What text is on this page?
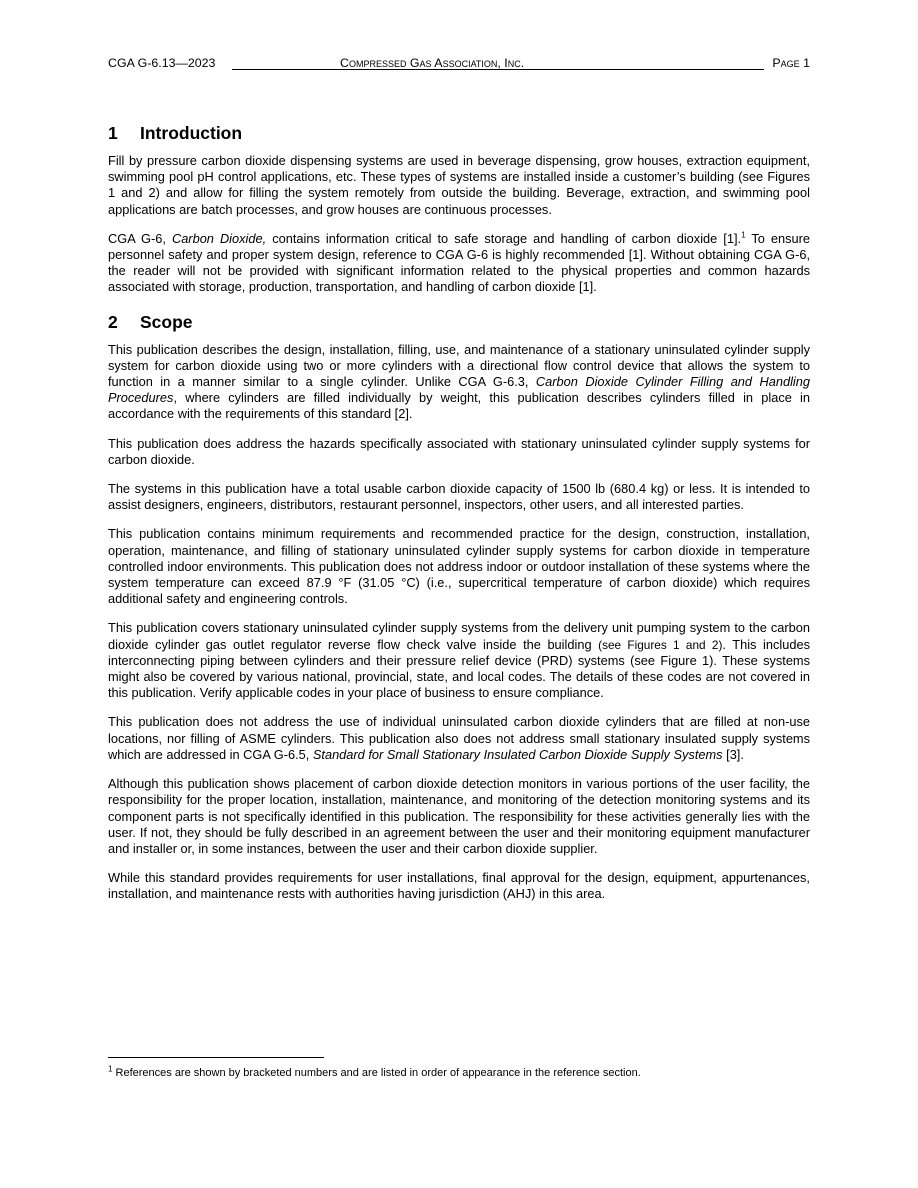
CGA G-6.13—2023	Compressed Gas Association, Inc.	Page 1
1 Introduction

Fill by pressure carbon dioxide dispensing systems are used in beverage dispensing, grow houses, extraction equipment, swimming pool pH control applications, etc. These types of systems are installed inside a customer’s building (see Figures 1 and 2) and allow for filling the system remotely from outside the building. Beverage, extraction, and swimming pool applications are batch processes, and grow houses are continuous processes.

CGA G-6, Carbon Dioxide, contains information critical to safe storage and handling of carbon dioxide [1].$^1$ To ensure personnel safety and proper system design, reference to CGA G-6 is highly recommended [1]. Without obtaining CGA G-6, the reader will not be provided with significant information related to the physical properties and common hazards associated with storage, production, transportation, and handling of carbon dioxide [1].

2 Scope

This publication describes the design, installation, filling, use, and maintenance of a stationary uninsulated cylinder supply system for carbon dioxide using two or more cylinders with a directional flow control device that allows the system to function in a manner similar to a single cylinder. Unlike CGA G-6.3, Carbon Dioxide Cylinder Filling and Handling Procedures, where cylinders are filled individually by weight, this publication describes cylinders filled in place in accordance with the requirements of this standard [2].

This publication does address the hazards specifically associated with stationary uninsulated cylinder supply systems for carbon dioxide.

The systems in this publication have a total usable carbon dioxide capacity of 1500 lb (680.4 kg) or less. It is intended to assist designers, engineers, distributors, restaurant personnel, inspectors, other users, and all interested parties.

This publication contains minimum requirements and recommended practice for the design, construction, installation, operation, maintenance, and filling of stationary uninsulated cylinder supply systems for carbon dioxide in temperature controlled indoor environments. This publication does not address indoor or outdoor installation of these systems where the system temperature can exceed 87.9 °F (31.05 °C) (i.e., supercritical temperature of carbon dioxide) which requires additional safety and engineering controls.

This publication covers stationary uninsulated cylinder supply systems from the delivery unit pumping system to the carbon dioxide cylinder gas outlet regulator reverse flow check valve inside the building (see Figures 1 and 2). This includes interconnecting piping between cylinders and their pressure relief device (PRD) systems (see Figure 1). These systems might also be covered by various national, provincial, state, and local codes. The details of these codes are not covered in this publication. Verify applicable codes in your place of business to ensure compliance.

This publication does not address the use of individual uninsulated carbon dioxide cylinders that are filled at non-use locations, nor filling of ASME cylinders. This publication also does not address small stationary insulated supply systems which are addressed in CGA G-6.5, Standard for Small Stationary Insulated Carbon Dioxide Supply Systems [3].

Although this publication shows placement of carbon dioxide detection monitors in various portions of the user facility, the responsibility for the proper location, installation, maintenance, and monitoring of the detection monitoring systems and its component parts is not specifically identified in this publication. The responsibility for these activities generally lies with the user. If not, they should be fully described in an agreement between the user and their monitoring equipment manufacturer and installer or, in some instances, between the user and their carbon dioxide supplier.

While this standard provides requirements for user installations, final approval for the design, equipment, appurtenances, installation, and maintenance rests with authorities having jurisdiction (AHJ) in this area.

$^1$ References are shown by bracketed numbers and are listed in order of appearance in the reference section.
